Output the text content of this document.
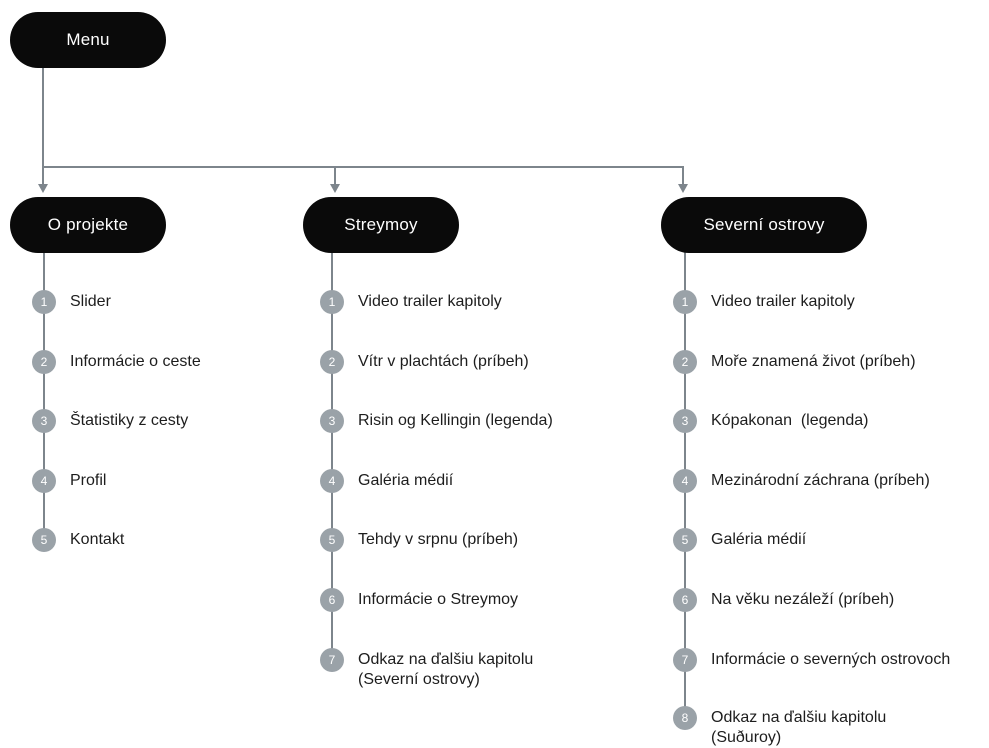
Menu
O projekte	Streymoy	Severní ostrovy
1	Slider
2	Informácie o ceste
3	Štatistiky z cesty
4	Profil
5	Kontakt
1	Video trailer kapitoly
2	Vítr v plachtách (príbeh)
3	Risin og Kellingin (legenda)
4	Galéria médií
5	Tehdy v srpnu (príbeh)
6	Informácie o Streymoy
7	Odkaz na ďalšiu kapitolu
(Severní ostrovy)
1	Video trailer kapitoly
2	Moře znamená život (príbeh)
3	Kópakonan  (legenda)
4	Mezinárodní záchrana (príbeh)
5	Galéria médií
6	Na věku nezáleží (príbeh)
7	Informácie o severných ostrovoch
8	Odkaz na ďalšiu kapitolu
(Suðuroy)
